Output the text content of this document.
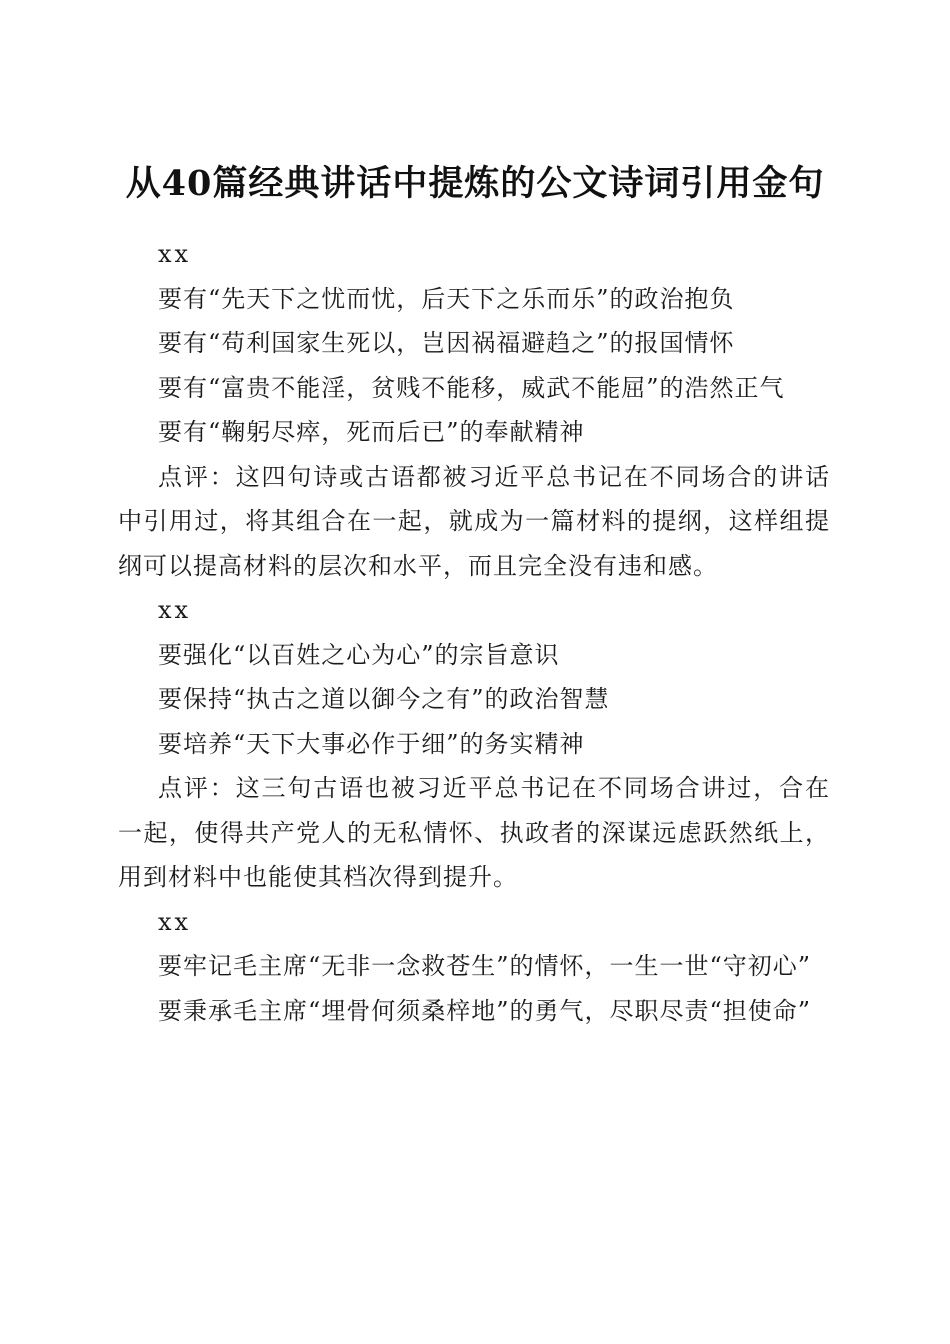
从40篇经典讲话中提炼的公文诗词引用金句

xx

要有“先天下之忧而忧，后天下之乐而乐”的政治抱负

要有“苟利国家生死以，岂因祸福避趋之”的报国情怀

要有“富贵不能淫，贫贱不能移，威武不能屈”的浩然正气

要有“鞠躬尽瘁，死而后已”的奉献精神

点评：这四句诗或古语都被习近平总书记在不同场合的讲话中引用过，将其组合在一起，就成为一篇材料的提纲，这样组提纲可以提高材料的层次和水平，而且完全没有违和感。

xx

要强化“以百姓之心为心”的宗旨意识

要保持“执古之道以御今之有”的政治智慧

要培养“天下大事必作于细”的务实精神

点评：这三句古语也被习近平总书记在不同场合讲过，合在一起，使得共产党人的无私情怀、执政者的深谋远虑跃然纸上，用到材料中也能使其档次得到提升。

xx

要牢记毛主席“无非一念救苍生”的情怀，一生一世“守初心”

要秉承毛主席“埋骨何须桑梓地”的勇气，尽职尽责“担使命”
